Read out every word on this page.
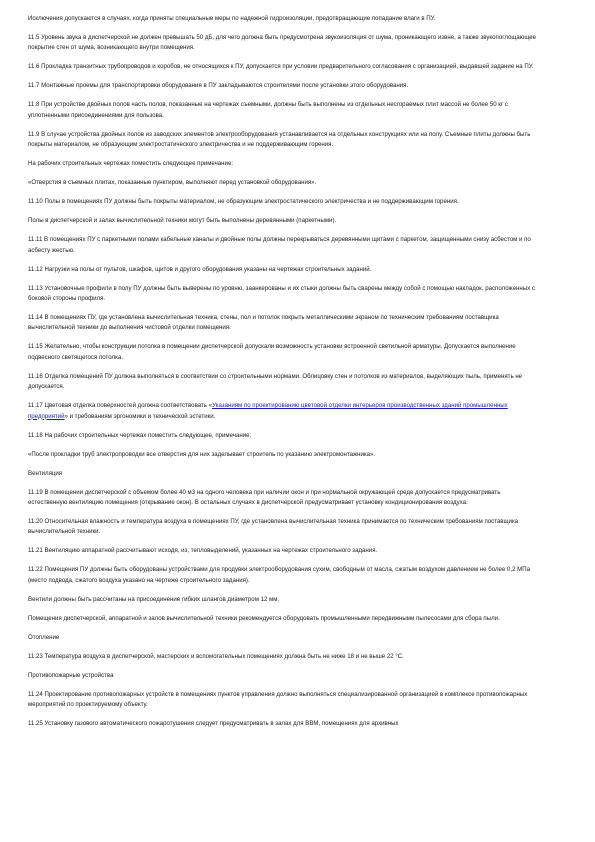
Исключения допускаются в случаях, когда приняты специальные меры по надежной гидроизоляции, предотвращающие попадание влаги в ПУ.

11.5 Уровень звука в диспетчерской не должен превышать 50 дБ, для чего должна быть предусмотрена звукоизоляция от шума, проникающего извне, а также звукопоглощающее покрытие стен от шума, возникающего внутри помещения.

11.6 Прокладка транзитных трубопроводов и коробов, не относящихся к ПУ, допускается при условии предварительного согласования с организацией, выдавшей задание на ПУ.

11.7 Монтажные проемы для транспортировки оборудования в ПУ закладываются строителями после установки этого оборудования.

11.8 При устройстве двойных полов часть полов, показанные на чертежах съемными, должны быть выполнены из отдельных несгораемых плит массой не более 50 кг с уплотненными присоединениями для пользова.

11.9 В случае устройства двойных полов из заводских элементов электрооборудования устанавливается на отдельных конструкциях или на полу. Съемные плиты должны быть покрыты материалом, не образующим электростатического электричества и не поддерживающим горения.

На рабочих строительных чертежах поместить следующее примечание:

«Отверстия в съемных плитах, показанные пунктиром, выполняют перед установкой оборудования».

11.10 Полы в помещениях ПУ должны быть покрыты материалом, не образующим электростатического электричества и не поддерживающим горения.

Полы в диспетчерской и залах вычислительной техники могут быть выполнены деревянными (паркетными).

11.11 В помещениях ПУ с паркетными полами кабельные каналы и двойные полы должны перекрываться деревянными щитами с паркетом, защищенными снизу асбестом и по асбесту жестью.

11.12 Нагрузки на полы от пультов, шкафов, щитов и другого оборудования указаны на чертежах строительных заданий.

11.13 Установочные профили в полу ПУ должны быть выверены по уровню, заанкерованы и их стыки должны быть сварены между собой с помощью накладок, расположенных с боковой стороны профиля.

11.14 В помещениях ПУ, где установлена вычислительная техника, стены, пол и потолок покрыть металлическими экраном по техническим требованиям поставщика вычислительной техники до выполнения чистовой отделки помещения.

11.15 Желательно, чтобы конструкции потолка в помещении диспетчерской допускали возможность установки встроенной светильной арматуры. Допускается выполнение подвесного светящегося потолка.

11.16 Отделка помещений ПУ должна выполняться в соответствии со строительными нормами. Облицовку стен и потолков из материалов, выделяющих пыль, применять не допускается.

11.17 Цветовая отделка поверхностей должна соответствовать «Указаниям по проектированию цветовой отделки интерьеров производственных зданий промышленных предприятий» и требованиям эргономики и технической эстетики.

11.18 На рабочих строительных чертежах поместить следующее, примечание:

«После прокладки труб электропроводки все отверстия для них заделывает строитель по указанию электромонтажника».

Вентиляция

11.19 В помещении диспетчерской с объемом более 40 м3 на одного человека при наличии окон и при нормальной окружающей среде допускается предусматривать естественную вентиляцию помещения (открывание окон). В остальных случаях в диспетчерской предусматривает установку кондиционирования воздуха.

11.20 Относительная влажность и температура воздуха в помещениях ПУ, где установлена вычислительная техника принимается по техническим требованиям поставщика вычислительной техники.

11.21 Вентиляцию аппаратной рассчитывают исходя, из, тепловыделений, указанных на чертежах строительного задания.

11.22 Помещения ПУ должны быть оборудованы устройствами для продувки электрооборудования сухим, свободным от масла, сжатым воздухом давлением не более 0,2 МПа (место подвода, сжатого воздуха указано на чертеже строительного задания).

Вентили должны быть рассчитаны на присоединение гибких шлангов диаметром 12 мм.

Помещения диспетчерской, аппаратной и залов вычислительной техники рекомендуется оборудовать промышленными передвижными пылесосами для сбора пыли.

Отопление

11.23 Температура воздуха в диспетчерской, мастерских и вспомогательных помещениях должна быть не ниже 18 и не выше 22 °С.

Противопожарные устройства

11.24 Проектирование противопожарных устройств в помещениях пунктов управления должно выполняться специализированной организацией в комплексе противопожарных мероприятий по проектируемому объекту.

11.25 Установку газового автоматического пожаротушения следует предусматривать в залах для ВВМ, помещениях для архивных
